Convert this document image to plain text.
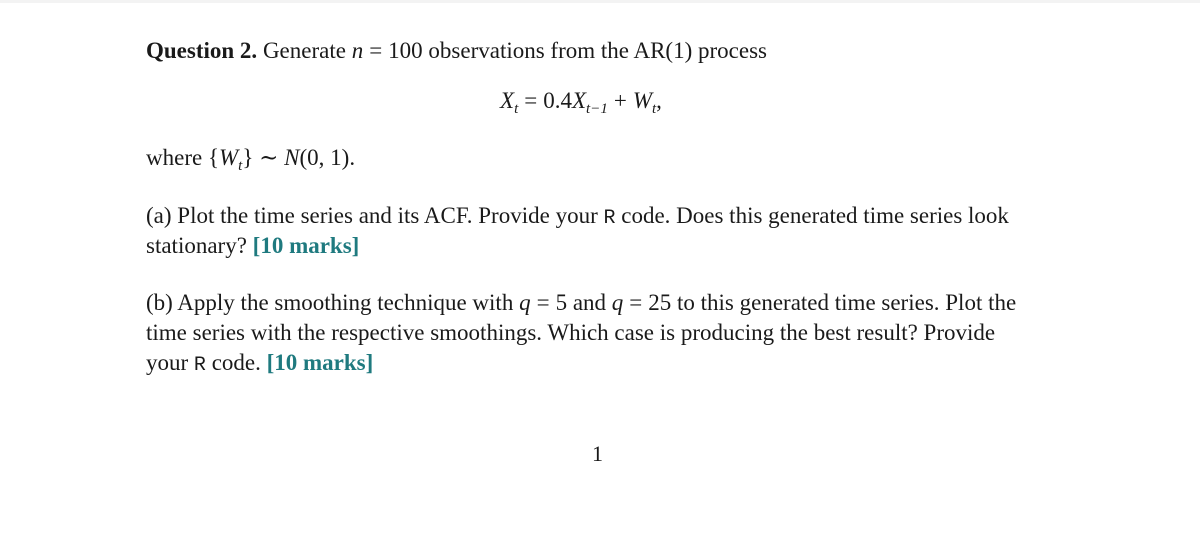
Question 2. Generate n = 100 observations from the AR(1) process
$X_t = 0.4X_{t-1} + W_t$,
where $\{W_t\}$ ∼ N(0, 1).
(a) Plot the time series and its ACF. Provide your R code. Does this generated time series look
stationary? [10 marks]
(b) Apply the smoothing technique with q = 5 and q = 25 to this generated time series. Plot the
time series with the respective smoothings. Which case is producing the best result? Provide
your R code. [10 marks]
1
